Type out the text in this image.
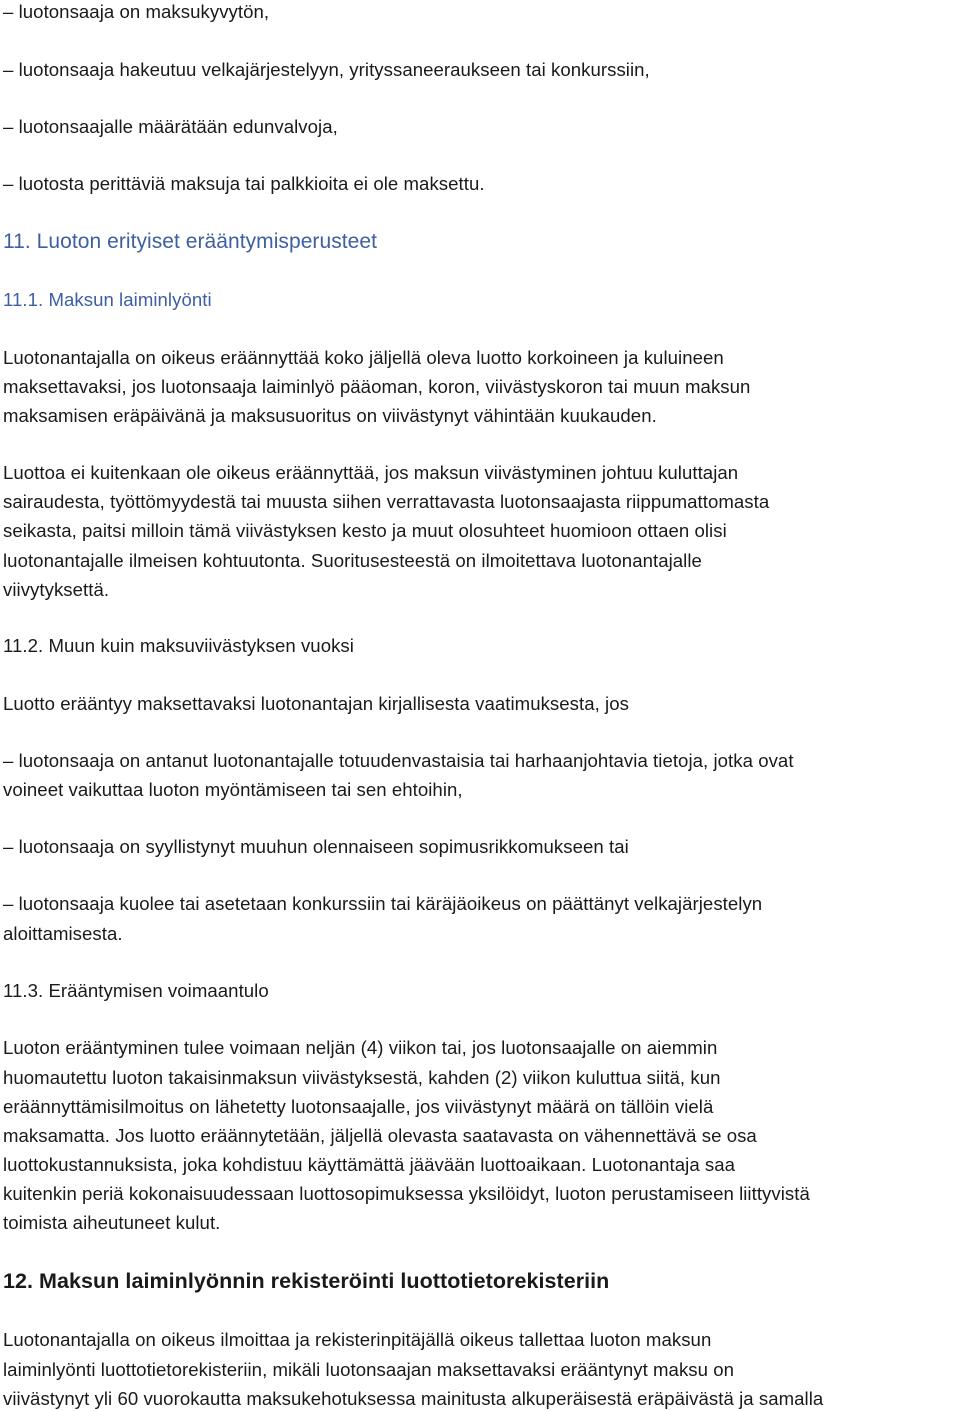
– luotonsaaja on maksukyvytön,

– luotonsaaja hakeutuu velkajärjestelyyn, yrityssaneeraukseen tai konkurssiin,

– luotonsaajalle määrätään edunvalvoja,

– luotosta perittäviä maksuja tai palkkioita ei ole maksettu.

11. Luoton erityiset erääntymisperusteet

11.1. Maksun laiminlyönti

Luotonantajalla on oikeus eräännyttää koko jäljellä oleva luotto korkoineen ja kuluineen

maksettavaksi, jos luotonsaaja laiminlyö pääoman, koron, viivästyskoron tai muun maksun

maksamisen eräpäivänä ja maksusuoritus on viivästynyt vähintään kuukauden.

Luottoa ei kuitenkaan ole oikeus eräännyttää, jos maksun viivästyminen johtuu kuluttajan

sairaudesta, työttömyydestä tai muusta siihen verrattavasta luotonsaajasta riippumattomasta

seikasta, paitsi milloin tämä viivästyksen kesto ja muut olosuhteet huomioon ottaen olisi

luotonantajalle ilmeisen kohtuutonta. Suoritusesteestä on ilmoitettava luotonantajalle

viivytyksettä.

11.2. Muun kuin maksuviivästyksen vuoksi

Luotto erääntyy maksettavaksi luotonantajan kirjallisesta vaatimuksesta, jos

– luotonsaaja on antanut luotonantajalle totuudenvastaisia tai harhaanjohtavia tietoja, jotka ovat

voineet vaikuttaa luoton myöntämiseen tai sen ehtoihin,

– luotonsaaja on syyllistynyt muuhun olennaiseen sopimusrikkomukseen tai

– luotonsaaja kuolee tai asetetaan konkurssiin tai käräjäoikeus on päättänyt velkajärjestelyn

aloittamisesta.

11.3. Erääntymisen voimaantulo

Luoton erääntyminen tulee voimaan neljän (4) viikon tai, jos luotonsaajalle on aiemmin

huomautettu luoton takaisinmaksun viivästyksestä, kahden (2) viikon kuluttua siitä, kun

eräännyttämisilmoitus on lähetetty luotonsaajalle, jos viivästynyt määrä on tällöin vielä

maksamatta. Jos luotto eräännytetään, jäljellä olevasta saatavasta on vähennettävä se osa

luottokustannuksista, joka kohdistuu käyttämättä jäävään luottoaikaan. Luotonantaja saa

kuitenkin periä kokonaisuudessaan luottosopimuksessa yksilöidyt, luoton perustamiseen liittyvistä

toimista aiheutuneet kulut.

12. Maksun laiminlyönnin rekisteröinti luottotietorekisteriin

Luotonantajalla on oikeus ilmoittaa ja rekisterinpitäjällä oikeus tallettaa luoton maksun

laiminlyönti luottotietorekisteriin, mikäli luotonsaajan maksettavaksi erääntynyt maksu on

viivästynyt yli 60 vuorokautta maksukehotuksessa mainitusta alkuperäisestä eräpäivästä ja samalla
